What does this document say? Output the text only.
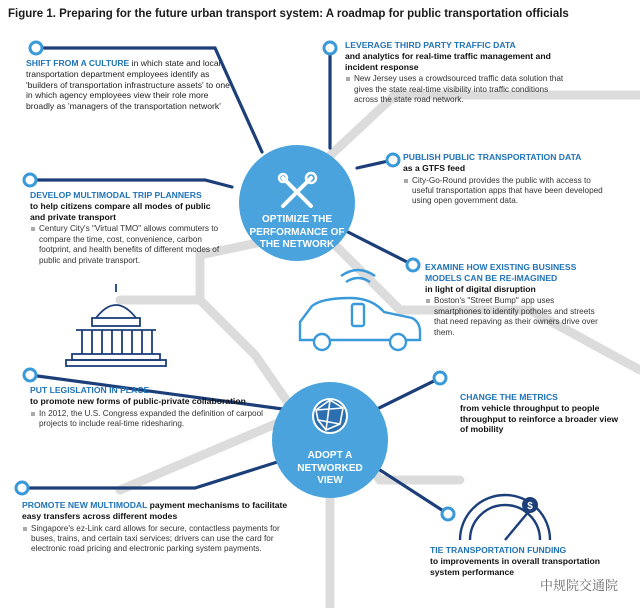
$
Figure 1. Preparing for the future urban transport system: A roadmap for public transportation officials
OPTIMIZE THE
PERFORMANCE OF
THE NETWORK
ADOPT A
NETWORKED
VIEW
SHIFT FROM A CULTURE in which state and local transportation department employees identify as 'builders of transportation infrastructure assets' to one in which agency employees view their role more broadly as 'managers of the transportation network'
LEVERAGE THIRD PARTY TRAFFIC DATA
and analytics for real-time traffic management and incident response
New Jersey uses a crowdsourced traffic data solution that gives the state real-time visibility into traffic conditions across the state road network.
PUBLISH PUBLIC TRANSPORTATION DATA
as a GTFS feed
City-Go-Round provides the public with access to useful transportation apps that have been developed using open government data.
DEVELOP MULTIMODAL TRIP PLANNERS
to help citizens compare all modes of public and private transport
Century City's "Virtual TMO" allows commuters to compare the time, cost, convenience, carbon footprint, and health benefits of different modes of public and private transport.
EXAMINE HOW EXISTING BUSINESS MODELS CAN BE RE-IMAGINED
in light of digital disruption
Boston's "Street Bump" app uses smartphones to identify potholes and streets that need repaving as their owners drive over them.
PUT LEGISLATION IN PLACE
to promote new forms of public-private collaboration
In 2012, the U.S. Congress expanded the definition of carpool projects to include real-time ridesharing.
CHANGE THE METRICS
from vehicle throughput to people throughput to reinforce a broader view of mobility
PROMOTE NEW MULTIMODAL payment mechanisms to facilitate easy transfers across different modes
Singapore's ez-Link card allows for secure, contactless payments for buses, trains, and certain taxi services; drivers can use the card for electronic road pricing and electronic parking system payments.	TIE TRANSPORTATION FUNDING
to improvements in overall transportation system performance
中规院交通院
